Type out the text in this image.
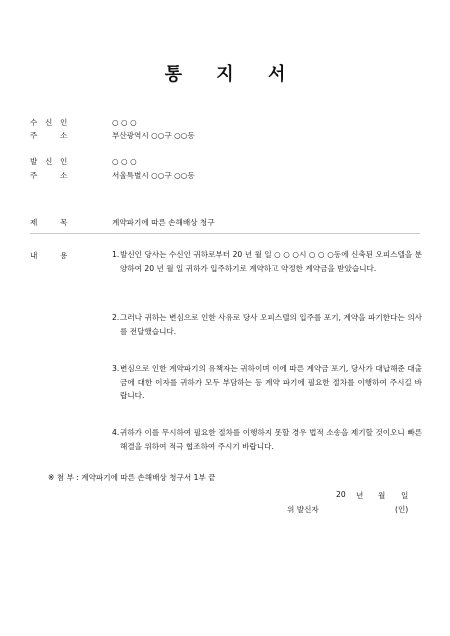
통 지 서
수 신 인	○ ○ ○
주	소	부산광역시 ○○구 ○○동
발 신 인	○ ○ ○
주	소	서울특별시 ○○구 ○○동
제	목	계약파기에 따른 손해배상 청구
내	용	1. 발신인 당사는 수신인 귀하로부터 20 년 월 일 ○ ○ ○시 ○ ○ ○동에 신축된 오피스텔을 분양하여 20 년 월 일 귀하가 입주하기로 계약하고 약정한 계약금을 받았습니다.
2. 그러나 귀하는 변심으로 인한 사유로 당사 오피스텔의 입주를 포기, 계약을 파기한다는 의사를 전달했습니다.
3. 변심으로 인한 계약파기의 유책자는 귀하이며 이에 따른 계약금 포기, 당사가 대납해준 대출금에 대한 이자를 귀하가 모두 부담하는 등 계약 파기에 필요한 절차를 이행하여 주시길 바랍니다.
4. 귀하가 이를 무시하여 필요한 절차를 이행하지 못할 경우 법적 소송을 제기할 것이오니 빠른 해결을 위하여 적극 협조하여 주시기 바랍니다.
※ 첨 부 : 계약파기에 따른 손해배상 청구서 1부 끝
20 년 월 일
위 발신자	(인)
